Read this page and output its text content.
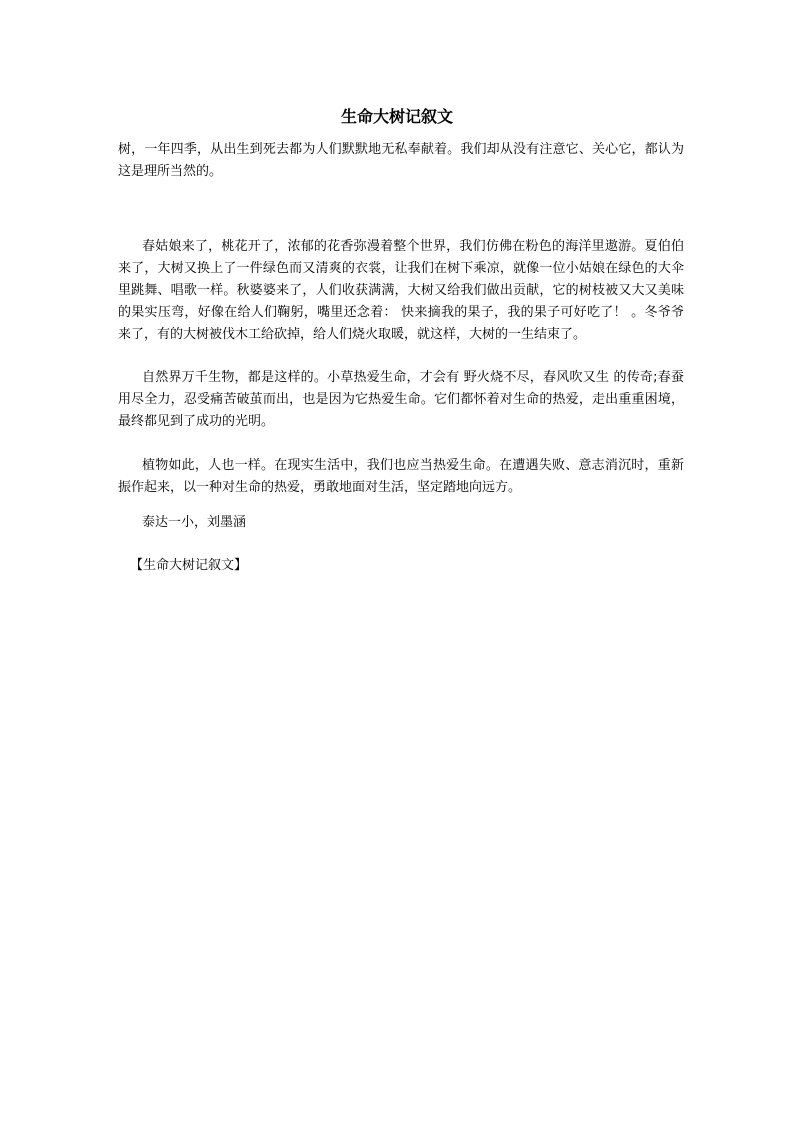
生命大树记叙文

树，一年四季，从出生到死去都为人们默默地无私奉献着。我们却从没有注意它、关心它，都认为这是理所当然的。

春姑娘来了，桃花开了，浓郁的花香弥漫着整个世界，我们仿佛在粉色的海洋里遨游。夏伯伯来了，大树又换上了一件绿色而又清爽的衣裳，让我们在树下乘凉，就像一位小姑娘在绿色的大伞里跳舞、唱歌一样。秋婆婆来了，人们收获满满，大树又给我们做出贡献，它的树枝被又大又美味的果实压弯，好像在给人们鞠躬，嘴里还念着： 快来摘我的果子，我的果子可好吃了！ 。冬爷爷来了，有的大树被伐木工给砍掉，给人们烧火取暖，就这样，大树的一生结束了。

自然界万千生物，都是这样的。小草热爱生命，才会有 野火烧不尽，春风吹又生 的传奇;春蚕用尽全力，忍受痛苦破茧而出，也是因为它热爱生命。它们都怀着对生命的热爱，走出重重困境，最终都见到了成功的光明。

植物如此，人也一样。在现实生活中，我们也应当热爱生命。在遭遇失败、意志消沉时，重新振作起来，以一种对生命的热爱，勇敢地面对生活，坚定踏地向远方。

泰达一小，刘墨涵

【生命大树记叙文】
